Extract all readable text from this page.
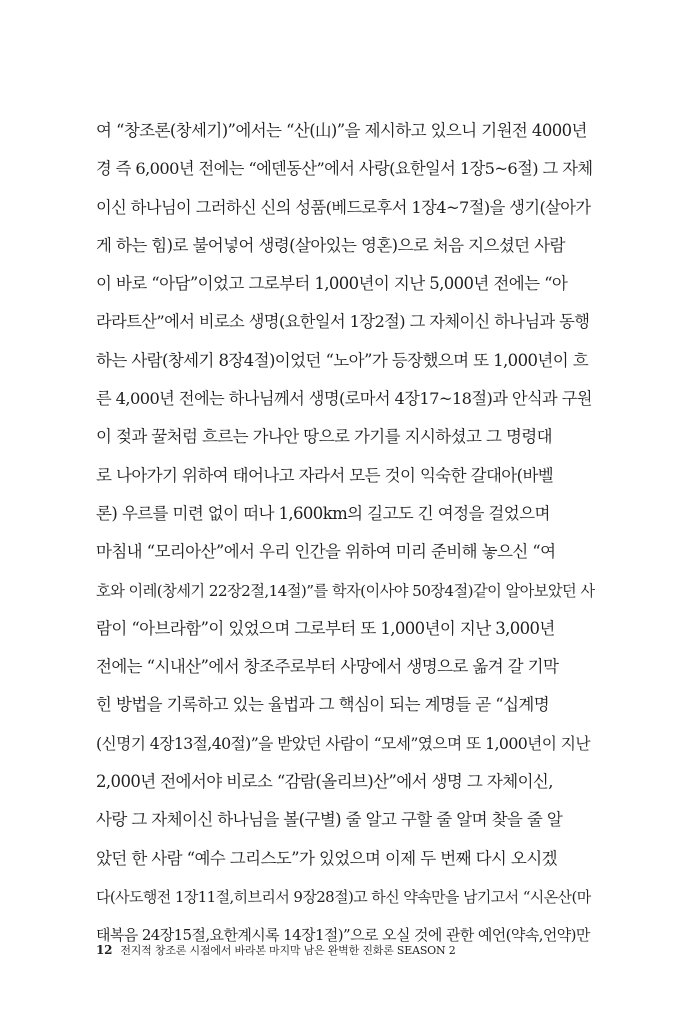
여 “창조론(창세기)”에서는 “산(山)”을 제시하고 있으니 기원전 4000년
경 즉 6,000년 전에는 “에덴동산”에서 사랑(요한일서 1장5~6절) 그 자체
이신 하나님이 그러하신 신의 성품(베드로후서 1장4~7절)을 생기(살아가
게 하는 힘)로 불어넣어 생령(살아있는 영혼)으로 처음 지으셨던 사람
이 바로 “아담”이었고 그로부터 1,000년이 지난 5,000년 전에는 “아
라라트산”에서 비로소 생명(요한일서 1장2절) 그 자체이신 하나님과 동행
하는 사람(창세기 8장4절)이었던 “노아”가 등장했으며 또 1,000년이 흐
른 4,000년 전에는 하나님께서 생명(로마서 4장17~18절)과 안식과 구원
이 젖과 꿀처럼 흐르는 가나안 땅으로 가기를 지시하셨고 그 명령대
로 나아가기 위하여 태어나고 자라서 모든 것이 익숙한 갈대아(바벨
론) 우르를 미련 없이 떠나 1,600km의 길고도 긴 여정을 걸었으며
마침내 “모리아산”에서 우리 인간을 위하여 미리 준비해 놓으신 “여
호와 이레(창세기 22장2절,14절)”를 학자(이사야 50장4절)같이 알아보았던 사
람이 “아브라함”이 있었으며 그로부터 또 1,000년이 지난 3,000년
전에는 “시내산”에서 창조주로부터 사망에서 생명으로 옮겨 갈 기막
힌 방법을 기록하고 있는 율법과 그 핵심이 되는 계명들 곧 “십계명
(신명기 4장13절,40절)”을 받았던 사람이 “모세”였으며 또 1,000년이 지난
2,000년 전에서야 비로소 “감람(올리브)산”에서 생명 그 자체이신,
사랑 그 자체이신 하나님을 볼(구별) 줄 알고 구할 줄 알며 찾을 줄 알
았던 한 사람 “예수 그리스도”가 있었으며 이제 두 번째 다시 오시겠
다(사도행전 1장11절,히브리서 9장28절)고 하신 약속만을 남기고서 “시온산(마
태복음 24장15절,요한계시록 14장1절)”으로 오실 것에 관한 예언(약속,언약)만
12 전지적 창조론 시점에서 바라본 마지막 남은 완벽한 진화론 SEASON 2
